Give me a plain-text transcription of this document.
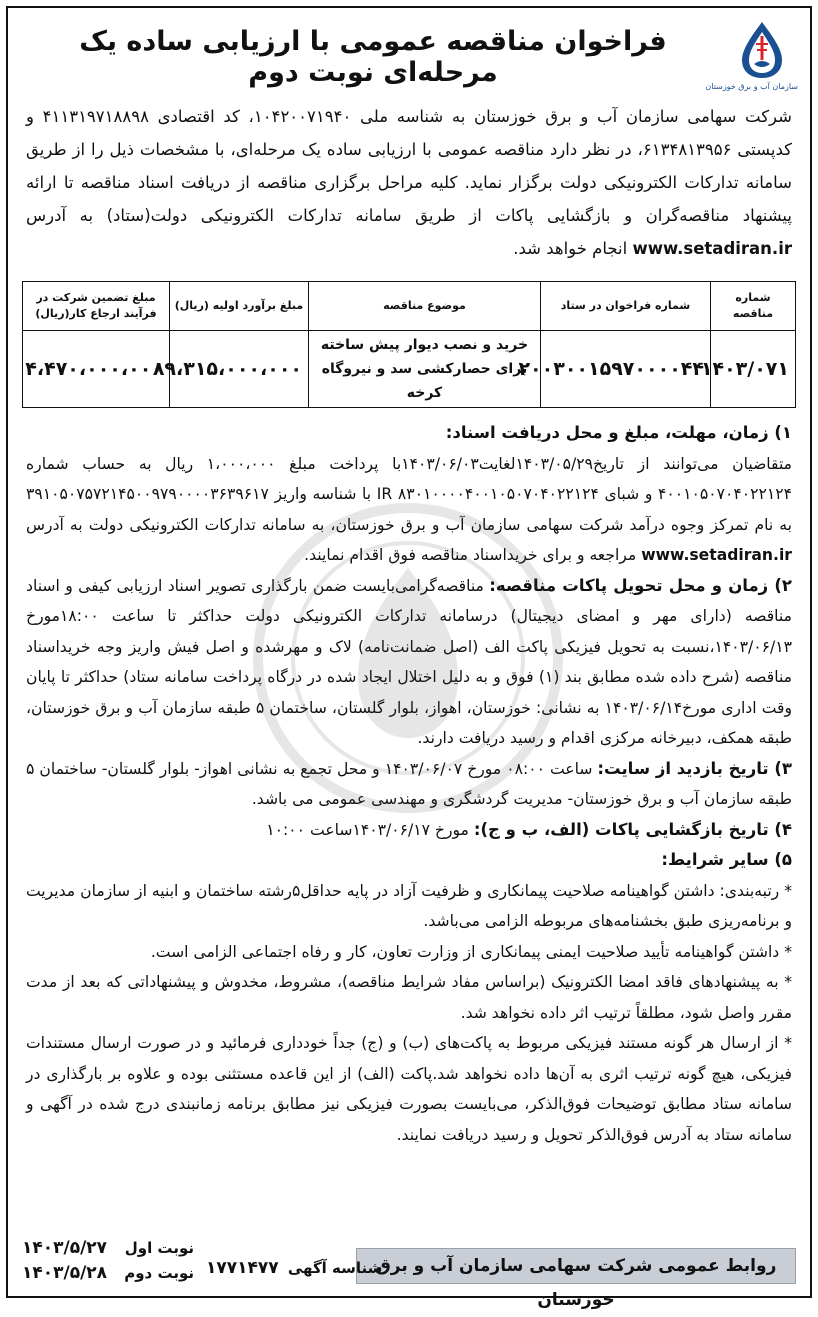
سازمان آب و برق خوزستان
فراخوان مناقصه عمومی با ارزیابی ساده یک مرحله‌ای نوبت دوم
شرکت سهامی سازمان آب و برق خوزستان به شناسه ملی ۱۰۴۲۰۰۷۱۹۴۰، کد اقتصادی ۴۱۱۳۱۹۷۱۸۸۹۸ و کدپستی ۶۱۳۴۸۱۳۹۵۶، در نظر دارد مناقصه عمومی با ارزیابی ساده یک مرحله‌ای، با مشخصات ذیل را از طریق سامانه تدارکات الکترونیکی دولت برگزار نماید. کلیه مراحل برگزاری مناقصه از دریافت اسناد مناقصه تا ارائه پیشنهاد مناقصه‌گران و بازگشایی پاکات از طریق سامانه تدارکات الکترونیکی دولت(ستاد) به آدرس www.setadiran.ir انجام خواهد شد.
شماره مناقصه	شماره فراخوان در ستاد	موضوع مناقصه	مبلغ برآورد اولیه (ریال)	مبلغ تضمین شرکت در فرآیند ارجاع کار(ریال)
۱۴۰۳/۰۷۱	۲۰۰۳۰۰۱۵۹۷۰۰۰۰۴۴	خرید و نصب دیوار پیش ساخته برای حصارکشی سد و نیروگاه کرخه	۸۹،۳۱۵،۰۰۰،۰۰۰	۴،۴۷۰،۰۰۰،۰۰۰

۱) زمان، مهلت، مبلغ و محل دریافت اسناد:
متقاضیان می‌توانند از تاریخ۱۴۰۳/۰۵/۲۹لغایت۱۴۰۳/۰۶/۰۳با پرداخت مبلغ ۱،۰۰۰،۰۰۰ ریال به حساب شماره ۴۰۰۱۰۵۰۷۰۴۰۲۲۱۲۴ و شبای IR ۸۳۰۱۰۰۰۰۴۰۰۱۰۵۰۷۰۴۰۲۲۱۲۴ با شناسه واریز ۳۹۱۰۵۰۷۵۷۲۱۴۵۰۰۹۷۹۰۰۰۰۳۶۳۹۶۱۷ به نام تمرکز وجوه درآمد شرکت سهامی سازمان آب و برق خوزستان، به سامانه تدارکات الکترونیکی دولت به آدرس www.setadiran.ir مراجعه و برای خریداسناد مناقصه فوق اقدام نمایند.

۲) زمان و محل تحویل پاکات مناقصه: مناقصه‌گرامی‌بایست ضمن بارگذاری تصویر اسناد ارزیابی کیفی و اسناد مناقصه (دارای مهر و امضای دیجیتال) درسامانه تدارکات الکترونیکی دولت حداکثر تا ساعت ۱۸:۰۰مورخ ۱۴۰۳/۰۶/۱۳،نسبت به تحویل فیزیکی پاکت الف (اصل ضمانت‌نامه) لاک و مهرشده و اصل فیش واریز وجه خریداسناد مناقصه (شرح داده شده مطابق بند (۱) فوق و به دلیل اختلال ایجاد شده در درگاه پرداخت سامانه ستاد) حداکثر تا پایان وقت اداری مورخ۱۴۰۳/۰۶/۱۴ به نشانی: خوزستان، اهواز، بلوار گلستان، ساختمان ۵ طبقه سازمان آب و برق خوزستان، طبقه همکف، دبیرخانه مرکزی اقدام و رسید دریافت دارند.

۳) تاریخ بازدید از سایت: ساعت ۰۸:۰۰ مورخ ۱۴۰۳/۰۶/۰۷ و محل تجمع به نشانی اهواز- بلوار گلستان- ساختمان ۵ طبقه سازمان آب و برق خوزستان- مدیریت گردشگری و مهندسی عمومی می باشد.

۴) تاریخ بازگشایی پاکات (الف، ب و ج): مورخ ۱۴۰۳/۰۶/۱۷ساعت ۱۰:۰۰

۵) سایر شرایط:

* رتبه‌بندی: داشتن گواهینامه صلاحیت پیمانکاری و ظرفیت آزاد در پایه حداقل۵رشته ساختمان و ابنیه از سازمان مدیریت و برنامه‌ریزی طبق بخشنامه‌های مربوطه الزامی می‌باشد.

* داشتن گواهینامه تأیید صلاحیت ایمنی پیمانکاری از وزارت تعاون، کار و رفاه اجتماعی الزامی است.

* به پیشنهادهای فاقد امضا الکترونیک (براساس مفاد شرایط مناقصه)، مشروط، مخدوش و پیشنهاداتی که بعد از مدت مقرر واصل شود، مطلقاً ترتیب اثر داده نخواهد شد.

* از ارسال هر گونه مستند فیزیکی مربوط به پاکت‌های (ب) و (ج) جداً خودداری فرمائید و در صورت ارسال مستندات فیزیکی، هیچ گونه ترتیب اثری به آن‌ها داده نخواهد شد.پاکت (الف) از این قاعده مستثنی بوده و علاوه بر بارگذاری در سامانه ستاد مطابق توضیحات فوق‌الذکر، می‌بایست بصورت فیزیکی نیز مطابق برنامه زمانبندی درج شده در آگهی و سامانه ستاد به آدرس فوق‌الذکر تحویل و رسید دریافت نمایند.

روابط عمومی شرکت سهامی سازمان آب و برق خوزستان
شناسه آگهی ۱۷۷۱۴۷۷
نوبت اول
۱۴۰۳/۵/۲۷
نوبت دوم
۱۴۰۳/۵/۲۸
